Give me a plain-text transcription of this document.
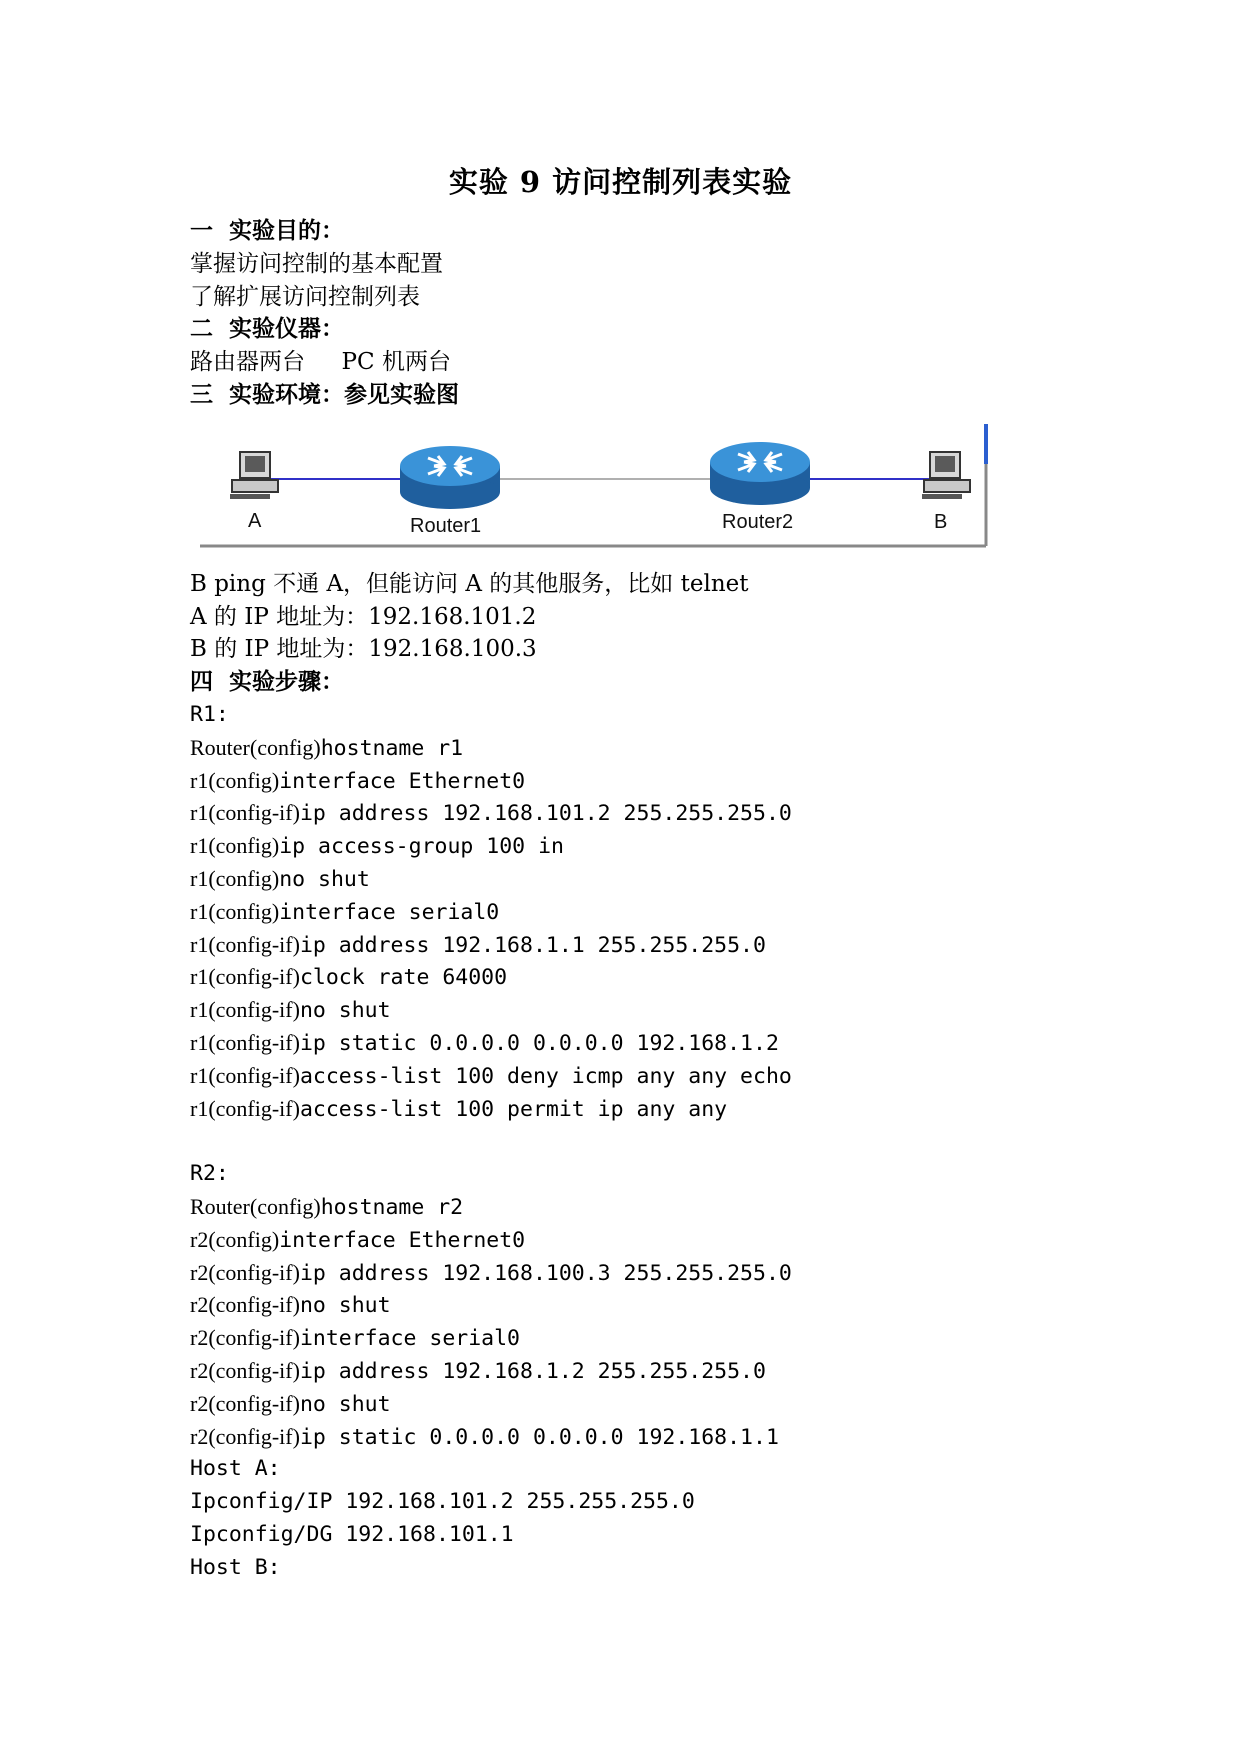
实验 9 访问控制列表实验
一  实验目的：
掌握访问控制的基本配置
了解扩展访问控制列表
二  实验仪器：
路由器两台     PC 机两台
三  实验环境：参见实验图
A	Router1	Router2	B
B ping 不通 A，但能访问 A 的其他服务，比如 telnet
A 的 IP 地址为：192.168.101.2
B 的 IP 地址为：192.168.100.3
四  实验步骤：
R1:
Router(config)hostname r1
r1(config)interface Ethernet0
r1(config-if)ip address 192.168.101.2 255.255.255.0
r1(config)ip access-group 100 in
r1(config)no shut
r1(config)interface serial0
r1(config-if)ip address 192.168.1.1 255.255.255.0
r1(config-if)clock rate 64000
r1(config-if)no shut
r1(config-if)ip static 0.0.0.0 0.0.0.0 192.168.1.2
r1(config-if)access-list 100 deny icmp any any echo
r1(config-if)access-list 100 permit ip any any
R2:
Router(config)hostname r2
r2(config)interface Ethernet0
r2(config-if)ip address 192.168.100.3 255.255.255.0
r2(config-if)no shut
r2(config-if)interface serial0
r2(config-if)ip address 192.168.1.2 255.255.255.0
r2(config-if)no shut
r2(config-if)ip static 0.0.0.0 0.0.0.0 192.168.1.1
Host A:
Ipconfig/IP 192.168.101.2 255.255.255.0
Ipconfig/DG 192.168.101.1
Host B:
